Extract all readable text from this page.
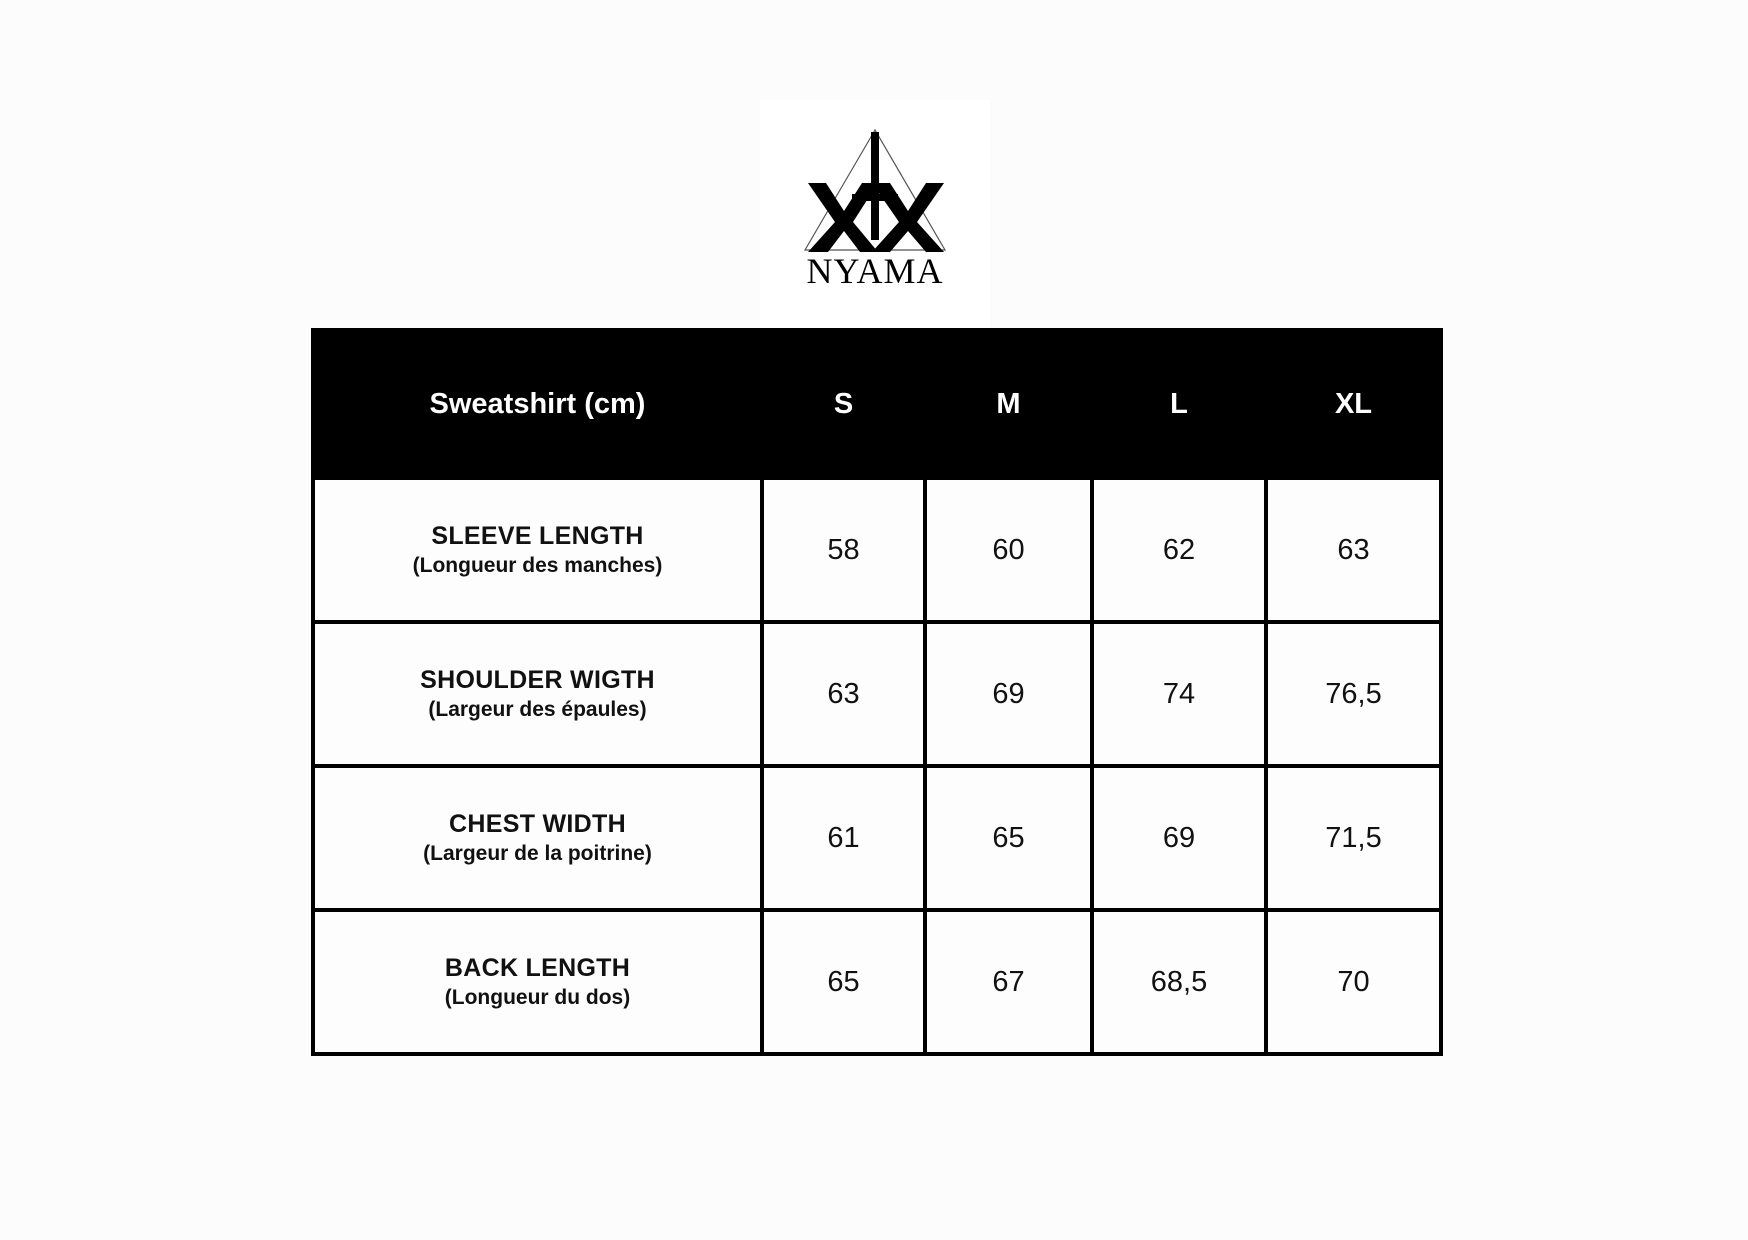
NYAMA
Sweatshirt (cm)	S	M	L	XL

SLEEVE LENGTH
(Longueur des manches)	58	60	62	63

SHOULDER WIGTH
(Largeur des épaules)	63	69	74	76,5

CHEST WIDTH
(Largeur de la poitrine)	61	65	69	71,5

BACK LENGTH
(Longueur du dos)	65	67	68,5	70
